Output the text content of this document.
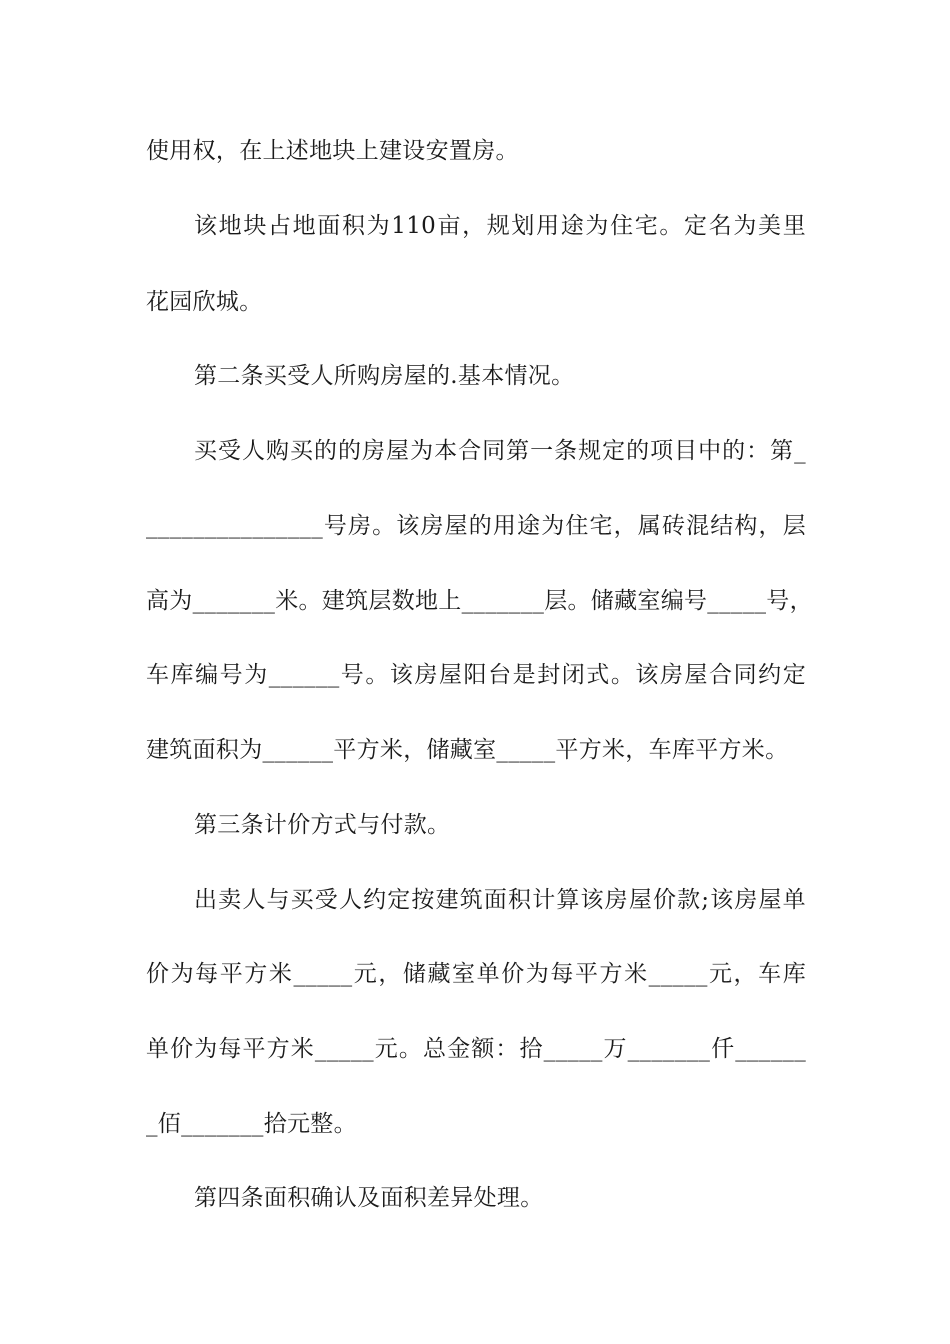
使用权，在上述地块上建设安置房。
该地块占地面积为110亩，规划用途为住宅。定名为美里
花园欣城。
第二条买受人所购房屋的.基本情况。
买受人购买的的房屋为本合同第一条规定的项目中的：第_
_______________号房。该房屋的用途为住宅，属砖混结构，层
高为_______米。建筑层数地上_______层。储藏室编号_____号，
车库编号为______号。该房屋阳台是封闭式。该房屋合同约定
建筑面积为______平方米，储藏室_____平方米，车库平方米。
第三条计价方式与付款。
出卖人与买受人约定按建筑面积计算该房屋价款;该房屋单
价为每平方米_____元，储藏室单价为每平方米_____元，车库
单价为每平方米_____元。总金额：拾_____万_______仟______
_佰_______拾元整。
第四条面积确认及面积差异处理。
